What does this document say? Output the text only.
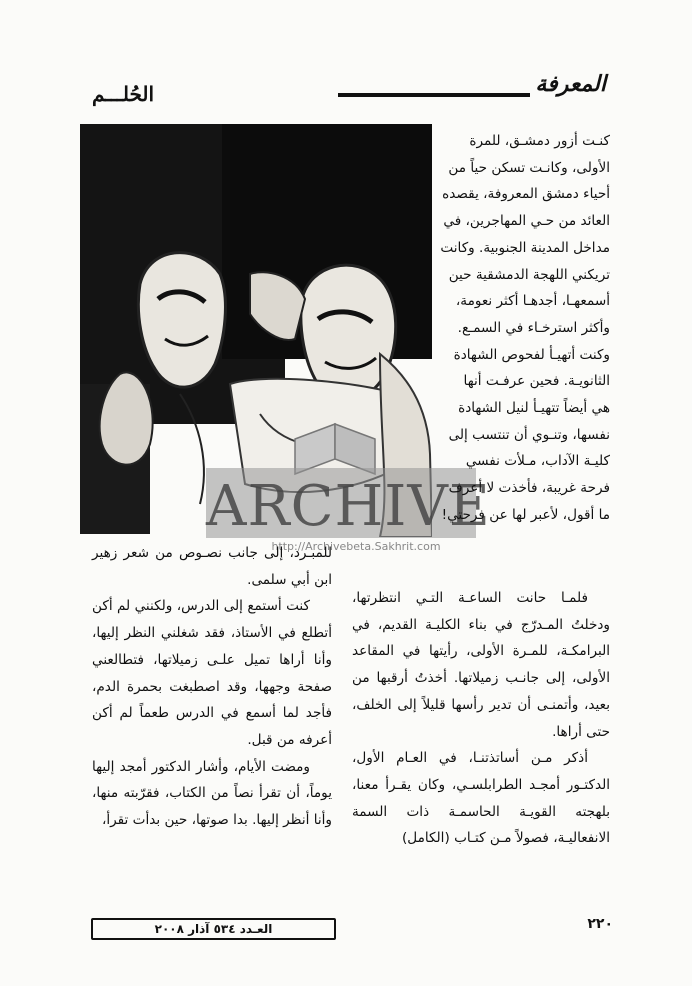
الحُلـــم	المعرفة
ARCHIVE
http://Archivebeta.Sakhrit.com

كنـت أزور دمشـق، للمرة

الأولى، وكانـت تسكن حياً من

أحياء دمشق المعروفة، يقصده

العائد من حـي المهاجرين، في

مداخل المدينة الجنوبية. وكانت

تريكني اللهجة الدمشقية حين

أسمعهـا، أجدهـا أكثر نعومة،

وأكثر استرخـاء في السمـع.

وكنت أتهيـأ لفحوص الشهادة

الثانويـة. فحين عرفـت أنها

هي أيضاً تتهيـأ لنيل الشهادة

نفسها، وتنـوي أن تنتسب إلى

كليـة الآداب، مـلأت نفسي

فرحة غريبة، فأخذت لا أعرف

ما أقول، لأعبر لها عن فرحتي!

فلمـا حانت الساعـة التـي انتظرتها، ودخلتُ المـدرّج في بناء الكليـة القديم، في البرامكـة، للمـرة الأولى، رأيتها في المقاعد الأولى، إلى جانـب زميلاتها. أخذتُ أرقبها من بعيد، وأتمنـى أن تدير رأسها قليلاً إلى الخلف، حتى أراها.

أذكر مـن أساتذتنـا، في العـام الأول، الدكتـور أمجـد الطرابلسـي، وكان يقـرأ معنا، بلهجته القويـة الحاسمـة ذات السمة الانفعاليـة، فصولاً مـن كتـاب (الكامل)

للمبـرد، إلى جانب نصـوص من شعر زهير ابن أبي سلمى.

كنت أستمع إلى الدرس، ولكنني لم أكن أتطلع في الأستاذ، فقد شغلني النظر إليها، وأنا أراها تميل علـى زميلاتها، فتطالعني صفحة وجهها، وقد اصطبغت بحمرة الدم، فأجد لما أسمع في الدرس طعماً لم أكن أعرفه من قبل.

ومضت الأيام، وأشار الدكتور أمجد إليها يوماً، أن تقرأ نصاً من الكتاب، فقرّبته منها، وأنا أنظر إليها. بدا صوتها، حين بدأت تقرأ،

العـدد ٥٣٤ آذار ٢٠٠٨	٢٢٠
